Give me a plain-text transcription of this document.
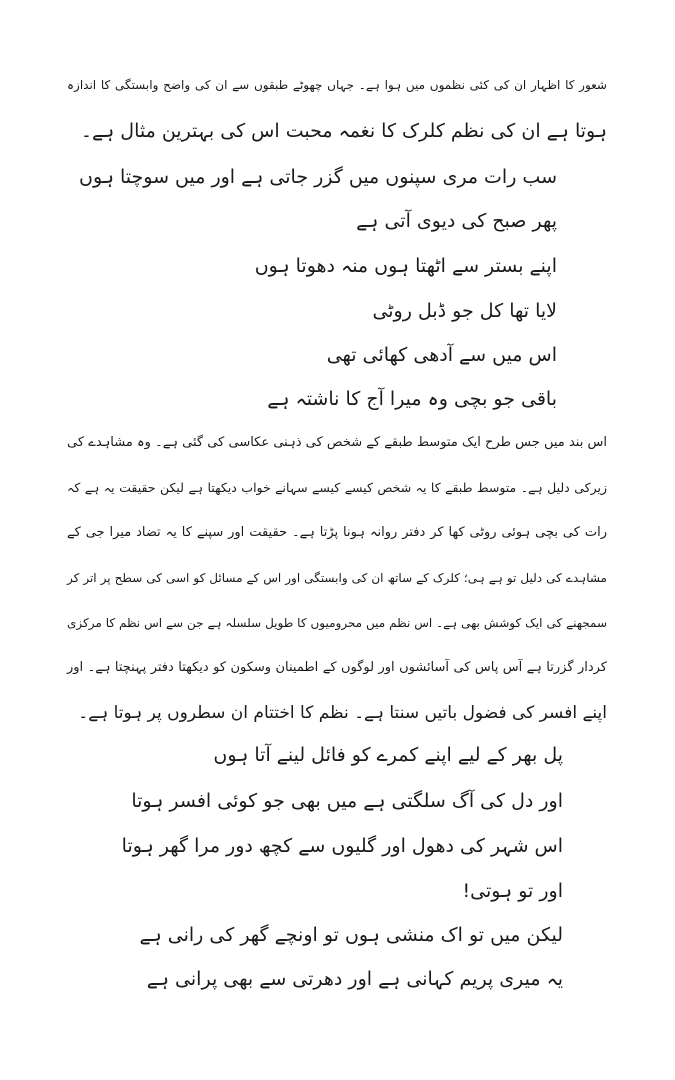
شعور کا اظہار ان کی کئی نظموں میں ہوا ہے۔ جہاں چھوٹے طبقوں سے ان کی واضح وابستگی کا اندازہ
ہوتا ہے ان کی نظم کلرک کا نغمہ محبت اس کی بہترین مثال ہے۔
سب رات مری سپنوں میں گزر جاتی ہے اور میں سوچتا ہوں
پھر صبح کی دیوی آتی ہے
اپنے بستر سے اٹھتا ہوں منہ دھوتا ہوں
لایا تھا کل جو ڈبل روٹی
اس میں سے آدھی کھائی تھی
باقی جو بچی وہ میرا آج کا ناشتہ ہے
اس بند میں جس طرح ایک متوسط طبقے کے شخص کی ذہنی عکاسی کی گئی ہے۔ وہ مشاہدے کی
زیرکی دلیل ہے۔ متوسط طبقے کا یہ شخص کیسے کیسے سہانے خواب دیکھتا ہے لیکن حقیقت یہ ہے کہ
رات کی بچی ہوئی روٹی کھا کر دفتر روانہ ہونا پڑتا ہے۔ حقیقت اور سپنے کا یہ تضاد میرا جی کے
مشاہدے کی دلیل تو ہے ہی؛ کلرک کے ساتھ ان کی وابستگی اور اس کے مسائل کو اسی کی سطح پر اتر کر
سمجھنے کی ایک کوشش بھی ہے۔ اس نظم میں محرومیوں کا طویل سلسلہ ہے جن سے اس نظم کا مرکزی
کردار گزرتا ہے آس پاس کی آسائشوں اور لوگوں کے اطمینان وسکون کو دیکھتا دفتر پہنچتا ہے۔ اور
اپنے افسر کی فضول باتیں سنتا ہے۔ نظم کا اختتام ان سطروں پر ہوتا ہے۔
پل بھر کے لیے اپنے کمرے کو فائل لینے آتا ہوں
اور دل کی آگ سلگتی ہے میں بھی جو کوئی افسر ہوتا
اس شہر کی دھول اور گلیوں سے کچھ دور مرا گھر ہوتا
اور تو ہوتی!
لیکن میں تو اک منشی ہوں تو اونچے گھر کی رانی ہے
یہ میری پریم کہانی ہے اور دھرتی سے بھی پرانی ہے
